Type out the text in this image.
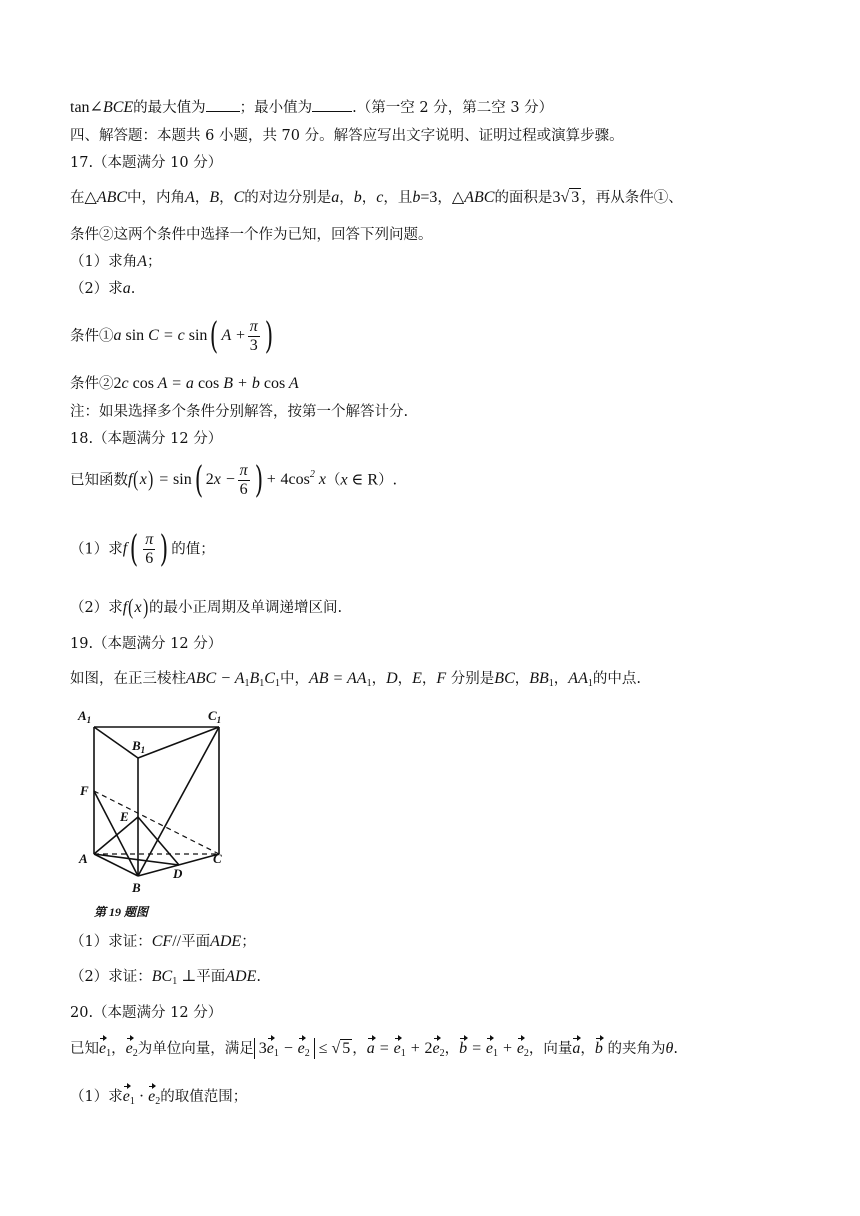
tan∠BCE的最大值为 ；最小值为	.（第一空 2 分，第二空 3 分）
四、解答题：本题共 6 小题，共 70 分。解答应写出文字说明、证明过程或演算步骤。
17.（本题满分 10 分）
在△ABC中，内角A，B，C的对边分别是a，b，c，且b=3，△ABC的面积是3√ 3 ，再从条件①、
条件②这两个条件中选择一个作为已知，回答下列问题。
（1）求角A；
（2）求a.
条件①a sin C = c sin( $A + \frac{\pi}{3}$ )
条件②2c cos A = a cos B + b cos A
注：如果选择多个条件分别解答，按第一个解答计分.
18.（本题满分 12 分）
已知函数f(x) = sin( $2x - \frac{\pi}{6}$ ) + $4\cos^2$ x（x ∈ R）.
（1）求$f( \frac{\pi}{6}$ ) 的值；
（2）求f(x)的最小正周期及单调递增区间.
19.（本题满分 12 分）
如图，在正三棱柱ABC − $A_1B_1C_1$中，AB = $AA_1$，D，E，F 分别是BC，$BB_1$，$AA_1$的中点.
$A_1$	$C_1$
$B_1$
F
E
A	C
D
B
第 19 题图
（1）求证：CF//平面ADE；
（2）求证：$BC_1$ ⊥平面ADE.
20.（本题满分 12 分）
已知$e_1$，$e_2$为单位向量，满足 $3e_1 - e_2$ ≤ √ 5 ，$a = e_1 + 2e_2$，$b = e_1 + e_2$，向量a，b 的夹角为θ.
（1）求$e_1 \cdot e_2$的取值范围；
